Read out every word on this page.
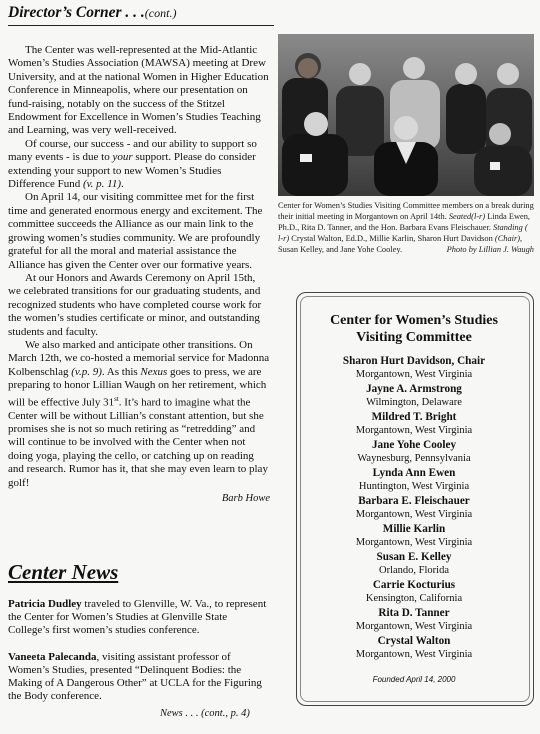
Director’s Corner . . .(cont.)

The Center was well-represented at the Mid-Atlantic Women’s Studies Association (MAWSA) meeting at Drew University, and at the national Women in Higher Education Conference in Minneapolis, where our presentation on fund-raising, notably on the success of the Stitzel Endowment for Excellence in Women’s Studies Teaching and Learning, was very well-received.

Of course, our success - and our ability to support so many events - is due to your support. Please do consider extending your support to new Women’s Studies Difference Fund (v. p. 11).

On April 14, our visiting committee met for the first time and generated enormous energy and excitement. The committee succeeds the Alliance as our main link to the growing women’s studies community. We are profoundly grateful for all the moral and material assistance the Alliance has given the Center over our formative years.

At our Honors and Awards Ceremony on April 15th, we celebrated transitions for our graduating students, and recognized students who have completed course work for the women’s studies certificate or minor, and outstanding students and faculty.

We also marked and anticipate other transitions. On March 12th, we co-hosted a memorial service for Madonna Kolbenschlag (v.p. 9). As this Nexus goes to press, we are preparing to honor Lillian Waugh on her retirement, which will be effective July 31st. It’s hard to imagine what the Center will be without Lillian’s constant attention, but she promises she is not so much retiring as “retredding” and will continue to be involved with the Center when not doing yoga, playing the cello, or catching up on reading and research. Rumor has it, that she may even learn to play golf!

Barb Howe
Center News

Patricia Dudley traveled to Glenville, W. Va., to represent the Center for Women’s Studies at Glenville State College’s first women’s studies conference.

Vaneeta Palecanda, visiting assistant professor of Women’s Studies, presented “Delinquent Bodies: the Making of A Dangerous Other” at UCLA for the Figuring the Body conference.

News . . . (cont., p. 4)
Center for Women’s Studies Visiting Committee members on a break during their initial meeting in Morgantown on April 14th. Seated(l-r) Linda Ewen, Ph.D., Rita D. Tanner, and the Hon. Barbara Evans Fleischauer. Standing ( l-r) Crystal Walton, Ed.D., Millie Karlin, Sharon Hurt Davidson (Chair), Susan Kelley, and Jane Yohe Cooley.	Photo by Lillian J. Waugh
Center for Women’s Studies
Visiting Committee
Sharon Hurt Davidson, Chair
Morgantown, West Virginia
Jayne A. Armstrong
Wilmington, Delaware
Mildred T. Bright
Morgantown, West Virginia
Jane Yohe Cooley
Waynesburg, Pennsylvania
Lynda Ann Ewen
Huntington, West Virginia
Barbara E. Fleischauer
Morgantown, West Virginia
Millie Karlin
Morgantown, West Virginia
Susan E. Kelley
Orlando, Florida
Carrie Kocturius
Kensington, California
Rita D. Tanner
Morgantown, West Virginia
Crystal Walton
Morgantown, West Virginia
Founded April 14, 2000
